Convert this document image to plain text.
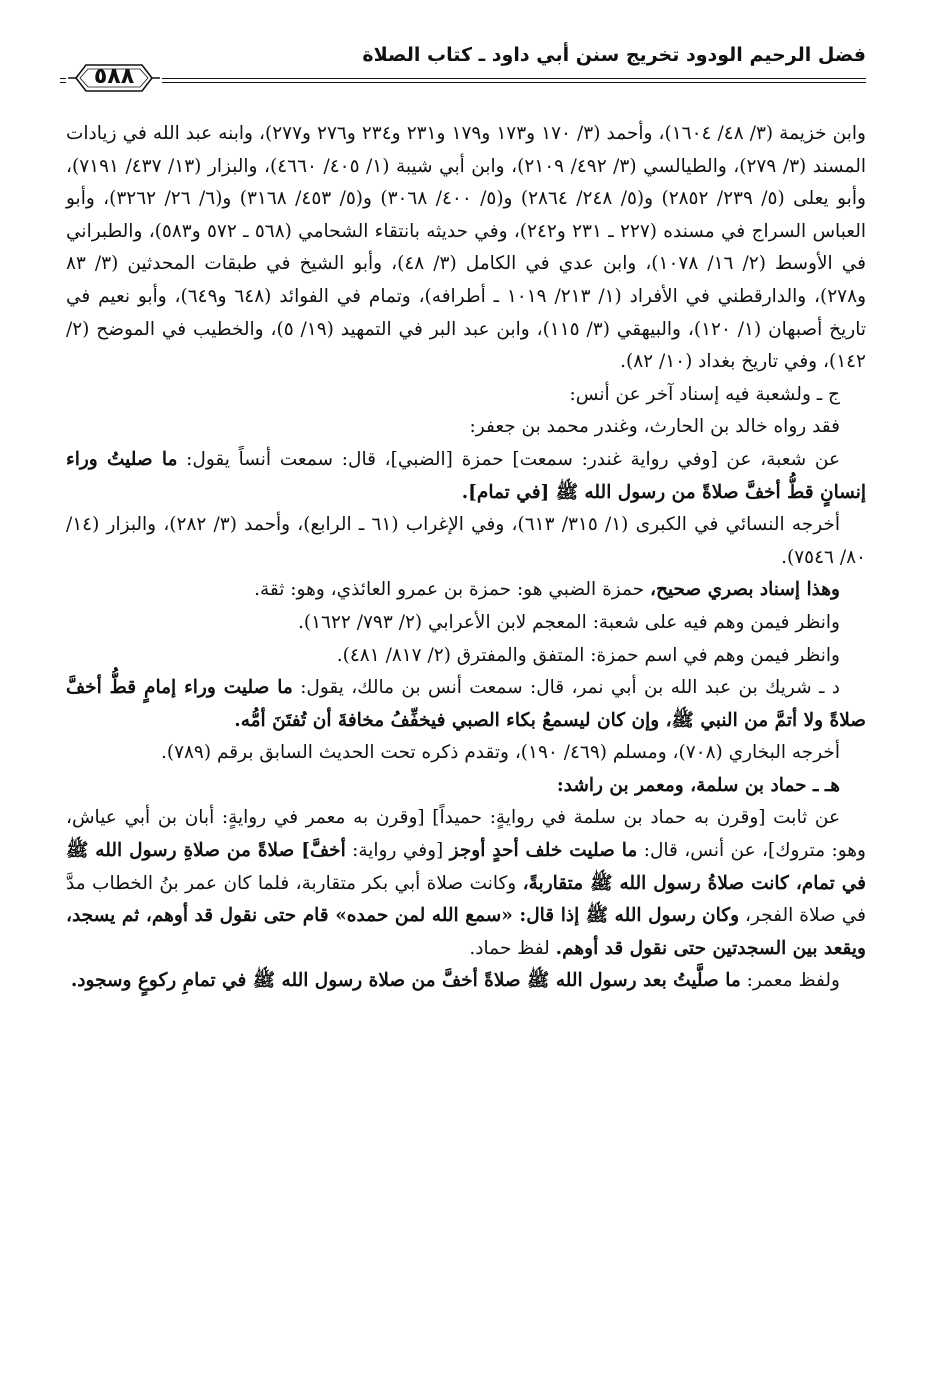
فضل الرحيم الودود تخريج سنن أبي داود ـ كتاب الصلاة
٥٨٨

وابن خزيمة (٣/ ٤٨/ ١٦٠٤)، وأحمد (٣/ ١٧٠ و١٧٣ و١٧٩ و٢٣١ و٢٣٤ و٢٧٦ و٢٧٧)، وابنه عبد الله في زيادات المسند (٣/ ٢٧٩)، والطيالسي (٣/ ٤٩٢/ ٢١٠٩)، وابن أبي شيبة (١/ ٤٠٥/ ٤٦٦٠)، والبزار (١٣/ ٤٣٧/ ٧١٩١)، وأبو يعلى (٥/ ٢٣٩/ ٢٨٥٢) و(٥/ ٢٤٨/ ٢٨٦٤) و(٥/ ٤٠٠/ ٣٠٦٨) و(٥/ ٤٥٣/ ٣١٦٨) و(٦/ ٢٦/ ٣٢٦٢)، وأبو العباس السراج في مسنده (٢٢٧ ـ ٢٣١ و٢٤٢)، وفي حديثه بانتقاء الشحامي (٥٦٨ ـ ٥٧٢ و٥٨٣)، والطبراني في الأوسط (٢/ ١٦/ ١٠٧٨)، وابن عدي في الكامل (٣/ ٤٨)، وأبو الشيخ في طبقات المحدثين (٣/ ٨٣ و٢٧٨)، والدارقطني في الأفراد (١/ ٢١٣/ ١٠١٩ ـ أطرافه)، وتمام في الفوائد (٦٤٨ و٦٤٩)، وأبو نعيم في تاريخ أصبهان (١/ ١٢٠)، والبيهقي (٣/ ١١٥)، وابن عبد البر في التمهيد (١٩/ ٥)، والخطيب في الموضح (٢/ ١٤٢)، وفي تاريخ بغداد (١٠/ ٨٢).

ج ـ ولشعبة فيه إسناد آخر عن أنس:

فقد رواه خالد بن الحارث، وغندر محمد بن جعفر:

عن شعبة، عن [وفي رواية غندر: سمعت] حمزة [الضبي]، قال: سمعت أنساً يقول: ما صليتُ وراء إنسانٍ قطُّ أخفَّ صلاةً من رسول الله ﷺ [في تمام].

أخرجه النسائي في الكبرى (١/ ٣١٥/ ٦١٣)، وفي الإغراب (٦١ ـ الرابع)، وأحمد (٣/ ٢٨٢)، والبزار (١٤/ ٨٠/ ٧٥٤٦).

وهذا إسناد بصري صحيح، حمزة الضبي هو: حمزة بن عمرو العائذي، وهو: ثقة.

وانظر فيمن وهم فيه على شعبة: المعجم لابن الأعرابي (٢/ ٧٩٣/ ١٦٢٢).

وانظر فيمن وهم في اسم حمزة: المتفق والمفترق (٢/ ٨١٧/ ٤٨١).

د ـ شريك بن عبد الله بن أبي نمر، قال: سمعت أنس بن مالك، يقول: ما صليت وراء إمامٍ قطُّ أخفَّ صلاةً ولا أتمَّ من النبي ﷺ، وإن كان ليسمعُ بكاء الصبي فيخفِّفُ مخافةَ أن تُفتَنَ أمُّه.

أخرجه البخاري (٧٠٨)، ومسلم (٤٦٩/ ١٩٠)، وتقدم ذكره تحت الحديث السابق برقم (٧٨٩).

هـ ـ حماد بن سلمة، ومعمر بن راشد:

عن ثابت [وقرن به حماد بن سلمة في روايةٍ: حميداً] [وقرن به معمر في روايةٍ: أبان بن أبي عياش، وهو: متروك]، عن أنس، قال: ما صليت خلف أحدٍ أوجز [وفي رواية: أخفَّ] صلاةً من صلاةِ رسول الله ﷺ في تمام، كانت صلاةُ رسول الله ﷺ متقاربةً، وكانت صلاة أبي بكر متقاربة، فلما كان عمر بنُ الخطاب مدَّ في صلاة الفجر، وكان رسول الله ﷺ إذا قال: «سمع الله لمن حمده» قام حتى نقول قد أوهم، ثم يسجد، ويقعد بين السجدتين حتى نقول قد أوهم. لفظ حماد.

ولفظ معمر: ما صلَّيتُ بعد رسول الله ﷺ صلاةً أخفَّ من صلاة رسول الله ﷺ في تمامِ ركوعٍ وسجود.
